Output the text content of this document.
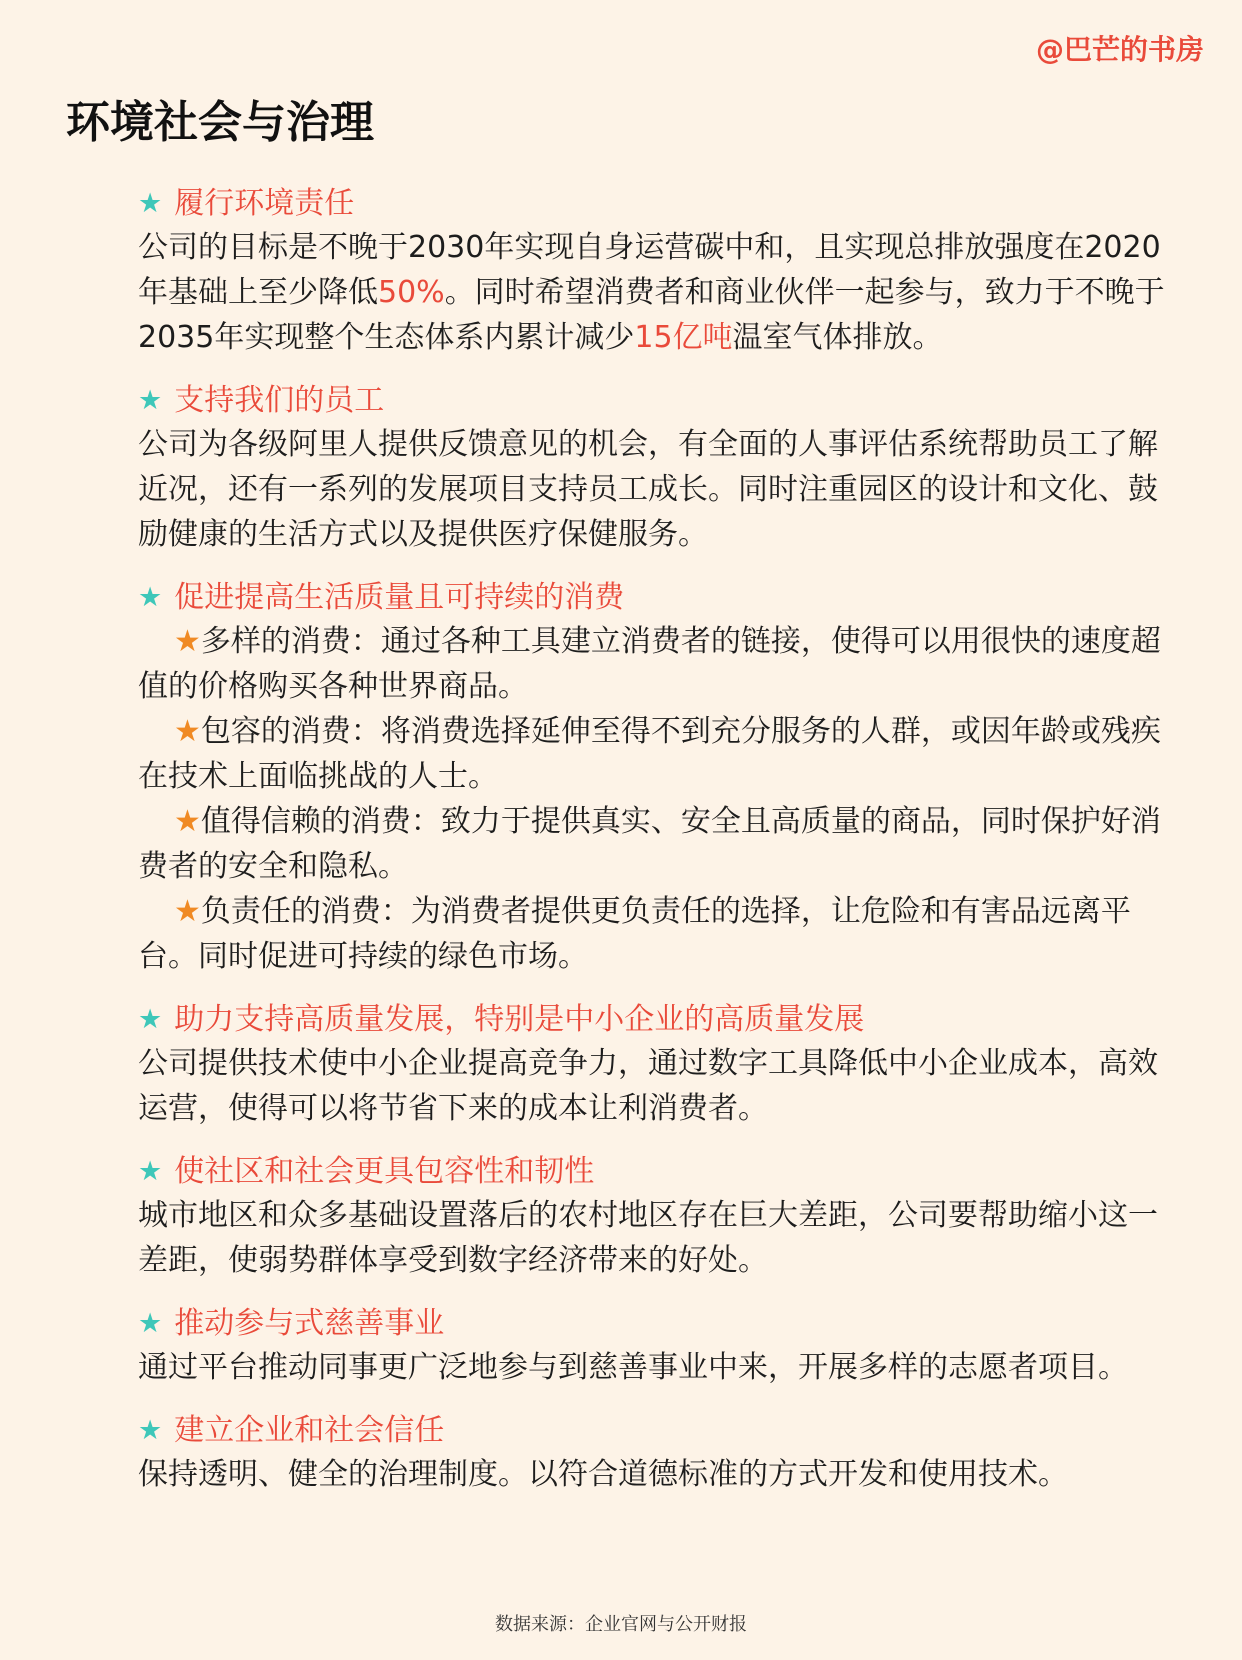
@巴芒的书房
环境社会与治理
★ 履行环境责任
公司的目标是不晚于2030年实现自身运营碳中和，且实现总排放强度在2020年基础上至少降低50%。同时希望消费者和商业伙伴一起参与，致力于不晚于2035年实现整个生态体系内累计减少15亿吨温室气体排放。
★ 支持我们的员工
公司为各级阿里人提供反馈意见的机会，有全面的人事评估系统帮助员工了解近况，还有一系列的发展项目支持员工成长。同时注重园区的设计和文化、鼓励健康的生活方式以及提供医疗保健服务。
★ 促进提高生活质量且可持续的消费
★多样的消费：通过各种工具建立消费者的链接，使得可以用很快的速度超值的价格购买各种世界商品。
★包容的消费：将消费选择延伸至得不到充分服务的人群，或因年龄或残疾在技术上面临挑战的人士。
★值得信赖的消费：致力于提供真实、安全且高质量的商品，同时保护好消费者的安全和隐私。
★负责任的消费：为消费者提供更负责任的选择，让危险和有害品远离平台。同时促进可持续的绿色市场。
★ 助力支持高质量发展，特别是中小企业的高质量发展
公司提供技术使中小企业提高竞争力，通过数字工具降低中小企业成本，高效运营，使得可以将节省下来的成本让利消费者。
★ 使社区和社会更具包容性和韧性
城市地区和众多基础设置落后的农村地区存在巨大差距，公司要帮助缩小这一差距，使弱势群体享受到数字经济带来的好处。
★ 推动参与式慈善事业
通过平台推动同事更广泛地参与到慈善事业中来，开展多样的志愿者项目。
★ 建立企业和社会信任
保持透明、健全的治理制度。以符合道德标准的方式开发和使用技术。
数据来源：企业官网与公开财报
